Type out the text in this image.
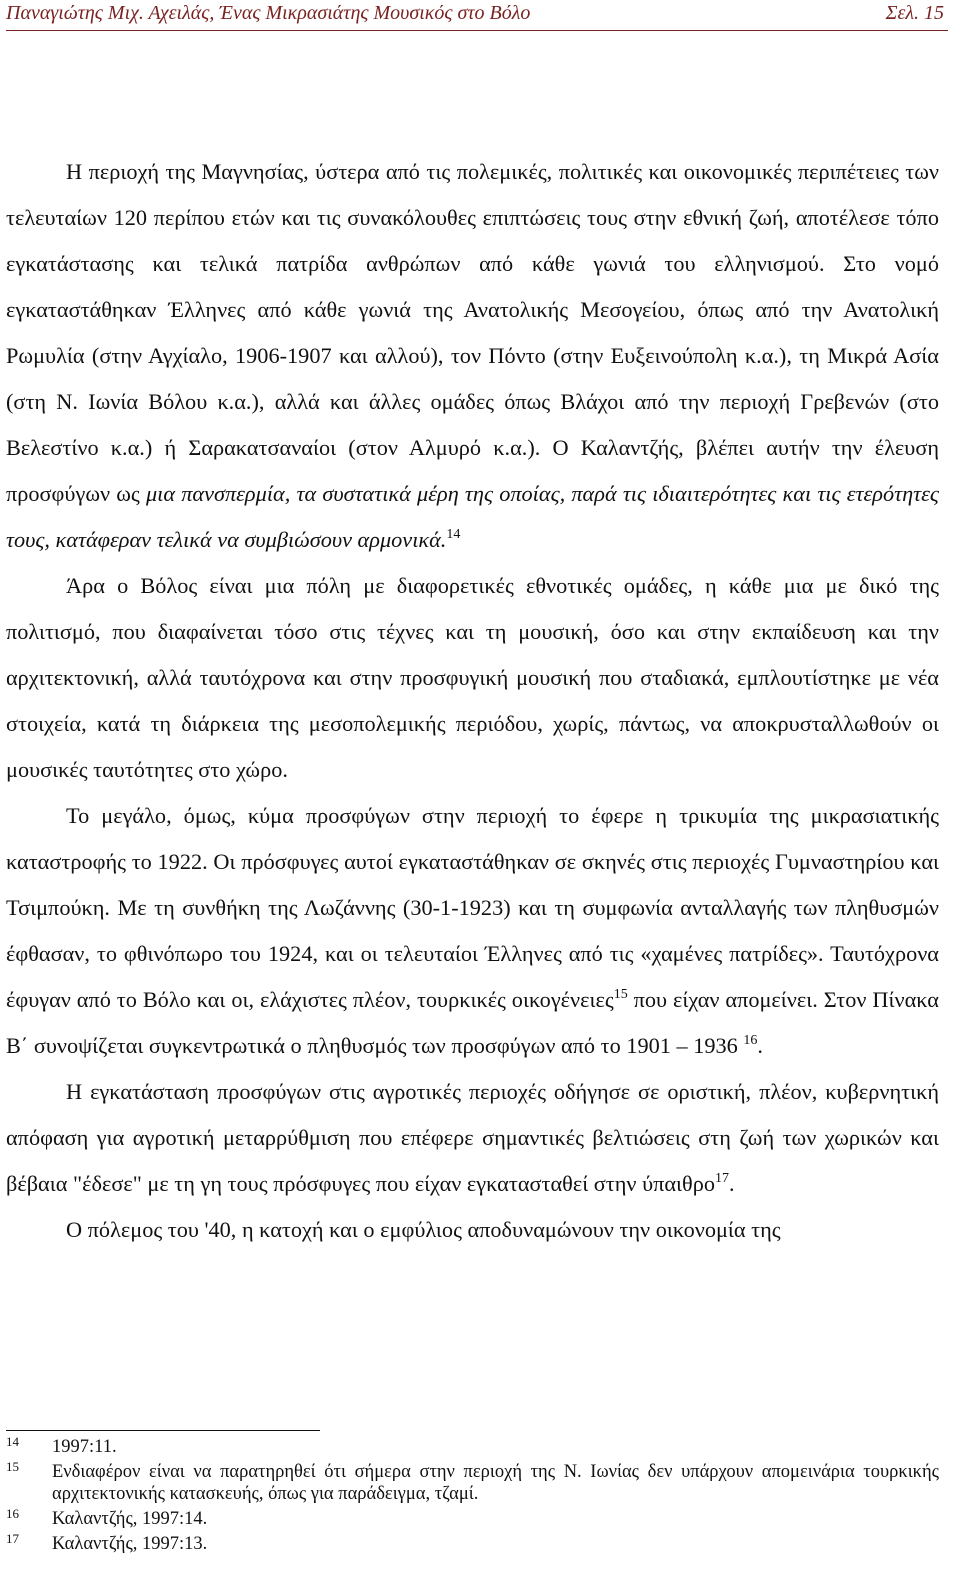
Παναγιώτης Μιχ. Αχειλάς, Ένας Μικρασιάτης Μουσικός στο Βόλο	Σελ. 15

Η περιοχή της Μαγνησίας, ύστερα από τις πολεμικές, πολιτικές και οικονομικές περιπέτειες των τελευταίων 120 περίπου ετών και τις συνακόλουθες επιπτώσεις τους στην εθνική ζωή, αποτέλεσε τόπο εγκατάστασης και τελικά πατρίδα ανθρώπων από κάθε γωνιά του ελληνισμού. Στο νομό εγκαταστάθηκαν Έλληνες από κάθε γωνιά της Ανατολικής Μεσογείου, όπως από την Ανατολική Ρωμυλία (στην Αγχίαλο, 1906-1907 και αλλού), τον Πόντο (στην Ευξεινούπολη κ.α.), τη Μικρά Ασία (στη Ν. Ιωνία Βόλου κ.α.), αλλά και άλλες ομάδες όπως Βλάχοι από την περιοχή Γρεβενών (στο Βελεστίνο κ.α.) ή Σαρακατσαναίοι (στον Αλμυρό κ.α.). Ο Καλαντζής, βλέπει αυτήν την έλευση προσφύγων ως μια πανσπερμία, τα συστατικά μέρη της οποίας, παρά τις ιδιαιτερότητες και τις ετερότητες τους, κατάφεραν τελικά να συμβιώσουν αρμονικά.$^{14}$

Άρα ο Βόλος είναι μια πόλη με διαφορετικές εθνοτικές ομάδες, η κάθε μια με δικό της πολιτισμό, που διαφαίνεται τόσο στις τέχνες και τη μουσική, όσο και στην εκπαίδευση και την αρχιτεκτονική, αλλά ταυτόχρονα και στην προσφυγική μουσική που σταδιακά, εμπλουτίστηκε με νέα στοιχεία, κατά τη διάρκεια της μεσοπολεμικής περιόδου, χωρίς, πάντως, να αποκρυσταλλωθούν οι μουσικές ταυτότητες στο χώρο.

Το μεγάλο, όμως, κύμα προσφύγων στην περιοχή το έφερε η τρικυμία της μικρασιατικής καταστροφής το 1922. Οι πρόσφυγες αυτοί εγκαταστάθηκαν σε σκηνές στις περιοχές Γυμναστηρίου και Τσιμπούκη. Με τη συνθήκη της Λωζάννης (30-1-1923) και τη συμφωνία ανταλλαγής των πληθυσμών έφθασαν, το φθινόπωρο του 1924, και οι τελευταίοι Έλληνες από τις «χαμένες πατρίδες». Ταυτόχρονα έφυγαν από το Βόλο και οι, ελάχιστες πλέον, τουρκικές οικογένειες$^{15}$ που είχαν απομείνει. Στον Πίνακα Β΄ συνοψίζεται συγκεντρωτικά ο πληθυσμός των προσφύγων από το 1901 – 1936 $^{16}$.

Η εγκατάσταση προσφύγων στις αγροτικές περιοχές οδήγησε σε οριστική, πλέον, κυβερνητική απόφαση για αγροτική μεταρρύθμιση που επέφερε σημαντικές βελτιώσεις στη ζωή των χωρικών και βέβαια "έδεσε" με τη γη τους πρόσφυγες που είχαν εγκατασταθεί στην ύπαιθρο$^{17}$.

Ο πόλεμος του '40, η κατοχή και ο εμφύλιος αποδυναμώνουν την οικονομία της

14 1997:11.
15 Ενδιαφέρον είναι να παρατηρηθεί ότι σήμερα στην περιοχή της Ν. Ιωνίας δεν υπάρχουν απομεινάρια τουρκικής αρχιτεκτονικής κατασκευής, όπως για παράδειγμα, τζαμί.
16 Καλαντζής, 1997:14.
17 Καλαντζής, 1997:13.
